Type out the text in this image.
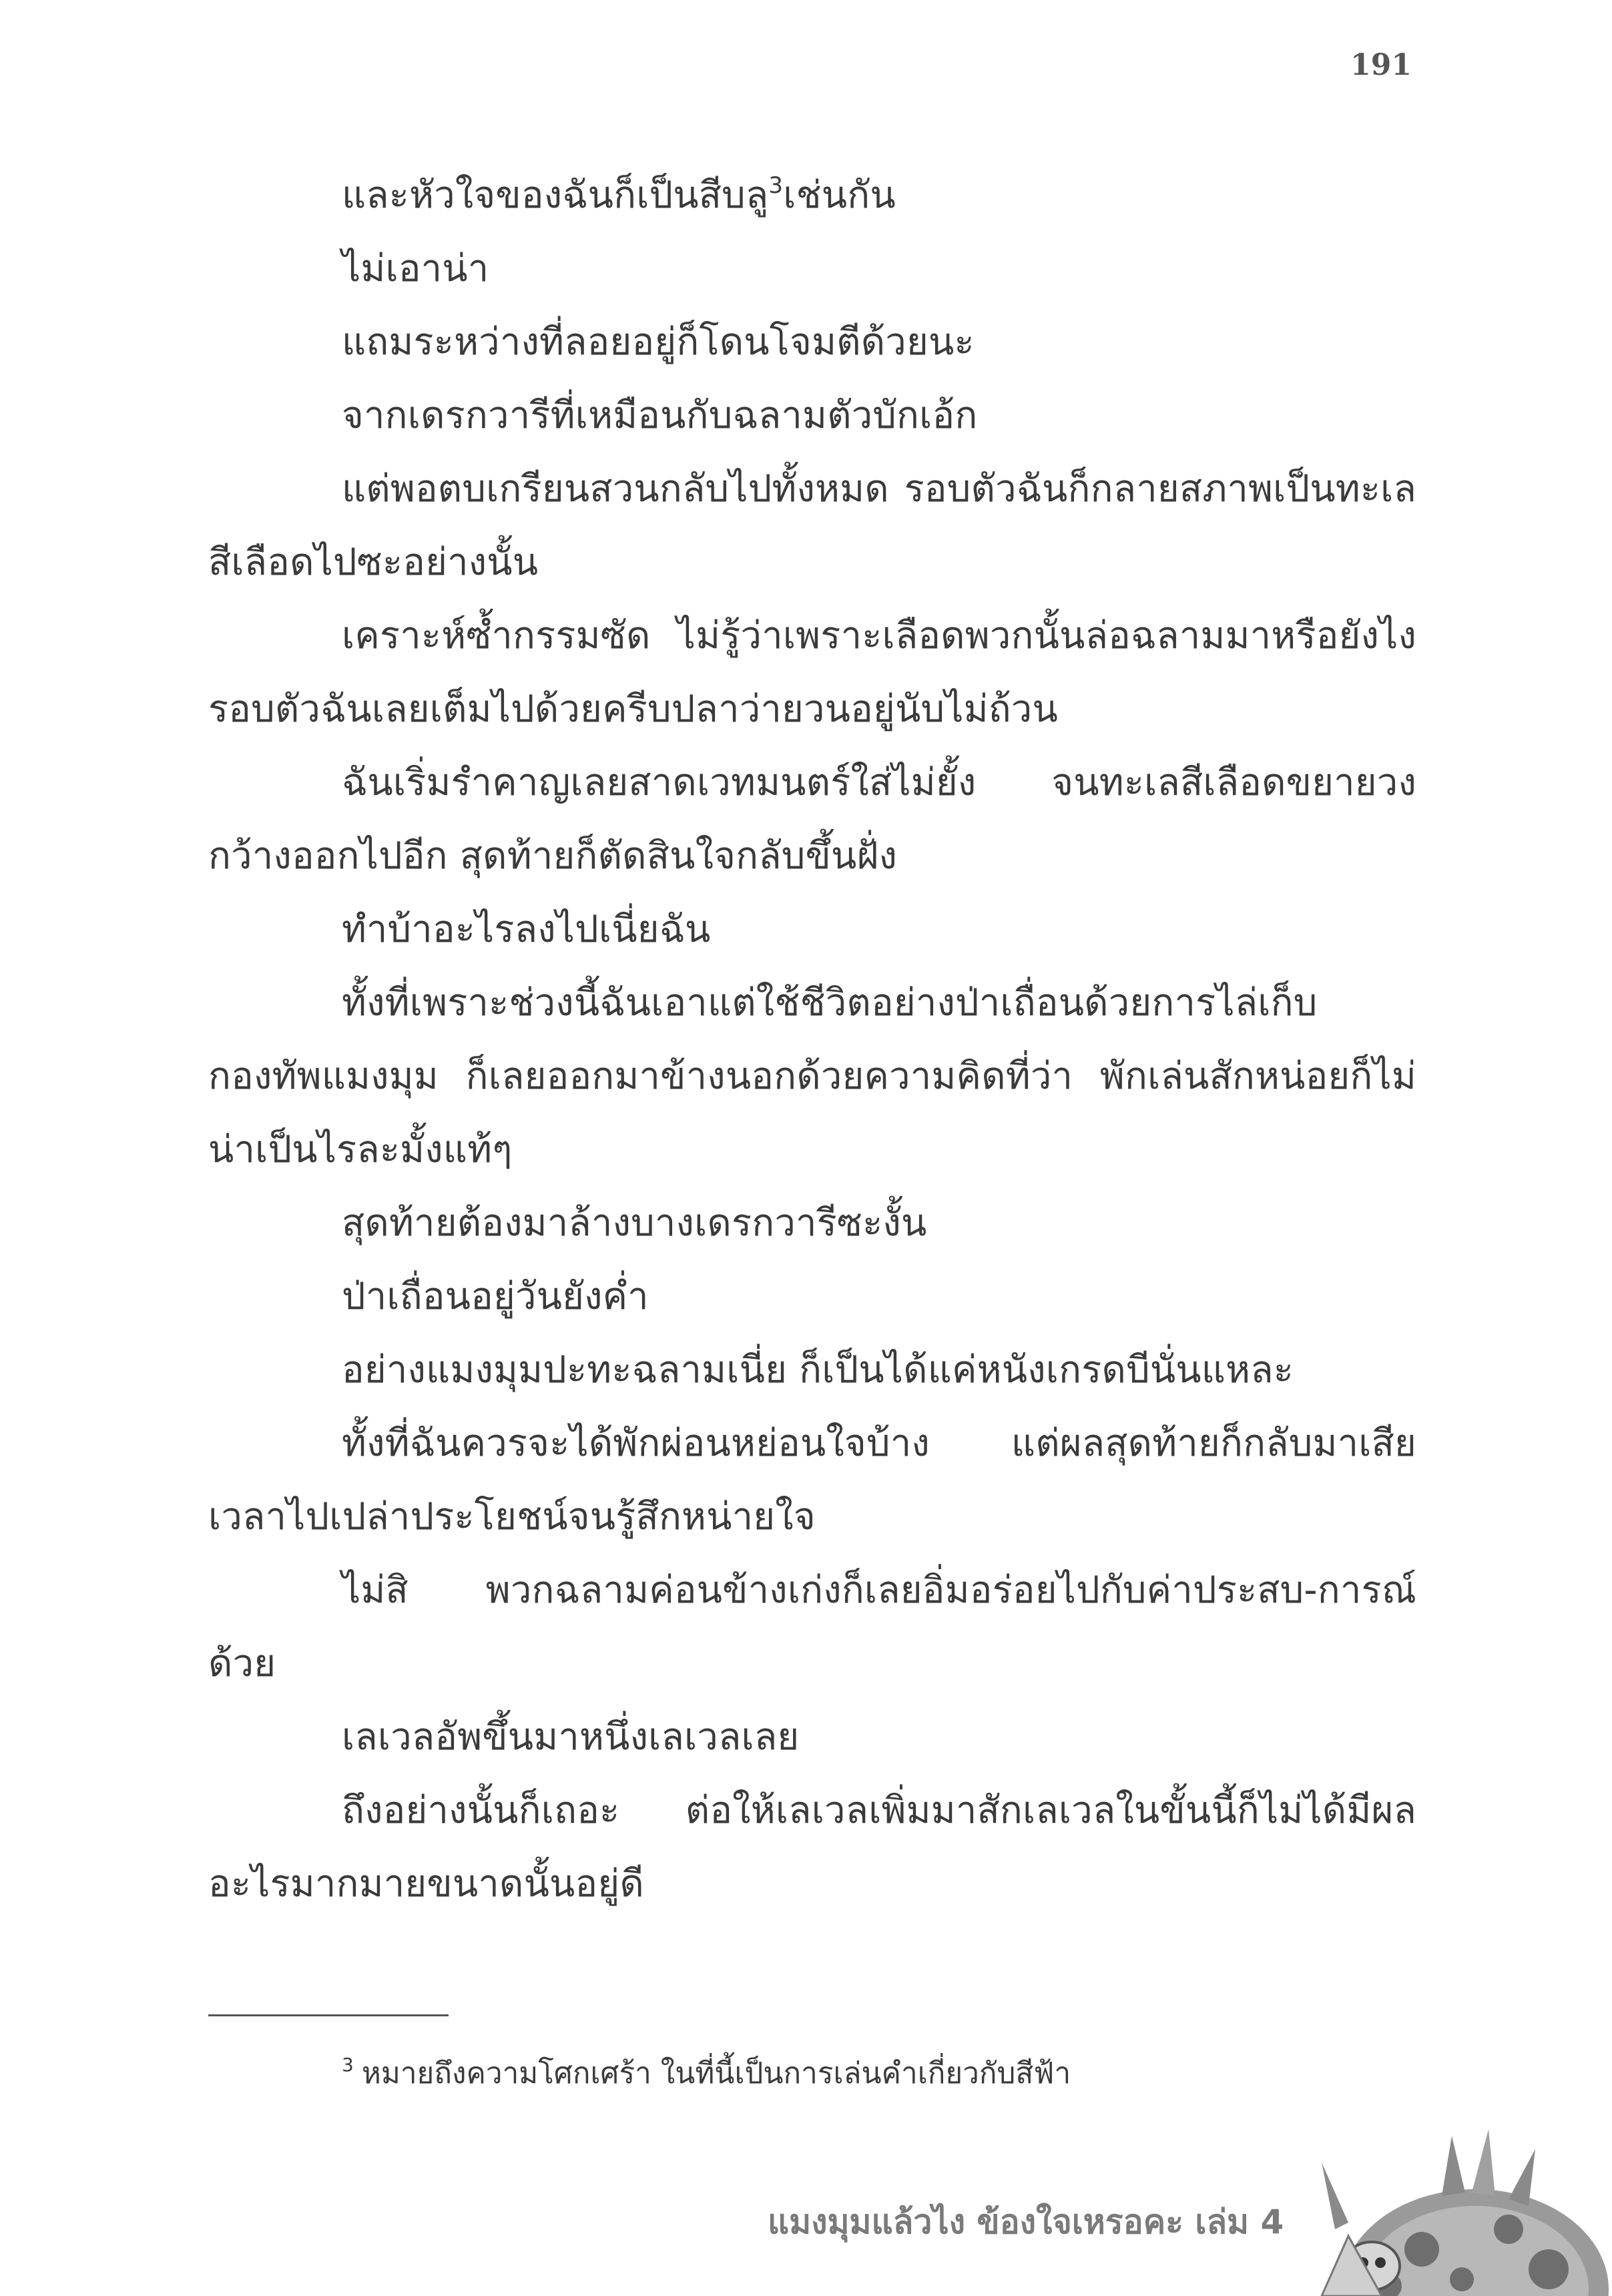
191

และหัวใจของฉันก็เป็นสีบลู$^3$เช่นกัน

ไม่เอาน่า

แถมระหว่างที่ลอยอยู่ก็โดนโจมตีด้วยนะ

จากเดรกวารีที่เหมือนกับฉลามตัวบักเอ้ก

แต่พอตบเกรียนสวนกลับไปทั้งหมด รอบตัวฉันก็กลายสภาพเป็นทะเลสีเลือดไปซะอย่างนั้น

เคราะห์ซ้ำกรรมซัด ไม่รู้ว่าเพราะเลือดพวกนั้นล่อฉลามมาหรือยังไง รอบตัวฉันเลยเต็มไปด้วยครีบปลาว่ายวนอยู่นับไม่ถ้วน

ฉันเริ่มรำคาญเลยสาดเวทมนตร์ใส่ไม่ยั้ง จนทะเลสีเลือดขยายวงกว้างออกไปอีก สุดท้ายก็ตัดสินใจกลับขึ้นฝั่ง

ทำบ้าอะไรลงไปเนี่ยฉัน

ทั้งที่เพราะช่วงนี้ฉันเอาแต่ใช้ชีวิตอย่างป่าเถื่อนด้วยการไล่เก็บกองทัพแมงมุม ก็เลยออกมาข้างนอกด้วยความคิดที่ว่า พักเล่นสักหน่อยก็ไม่น่าเป็นไรละมั้งแท้ๆ

สุดท้ายต้องมาล้างบางเดรกวารีซะงั้น

ป่าเถื่อนอยู่วันยังค่ำ

อย่างแมงมุมปะทะฉลามเนี่ย ก็เป็นได้แค่หนังเกรดบีนั่นแหละ

ทั้งที่ฉันควรจะได้พักผ่อนหย่อนใจบ้าง แต่ผลสุดท้ายก็กลับมาเสียเวลาไปเปล่าประโยชน์จนรู้สึกหน่ายใจ

ไม่สิ พวกฉลามค่อนข้างเก่งก็เลยอิ่มอร่อยไปกับค่าประสบ-การณ์ด้วย

เลเวลอัพขึ้นมาหนึ่งเลเวลเลย

ถึงอย่างนั้นก็เถอะ ต่อให้เลเวลเพิ่มมาสักเลเวลในขั้นนี้ก็ไม่ได้มีผลอะไรมากมายขนาดนั้นอยู่ดี

$^3$ หมายถึงความโศกเศร้า ในที่นี้เป็นการเล่นคำเกี่ยวกับสีฟ้า
แมงมุมแล้วไง ข้องใจเหรอคะ เล่ม 4
